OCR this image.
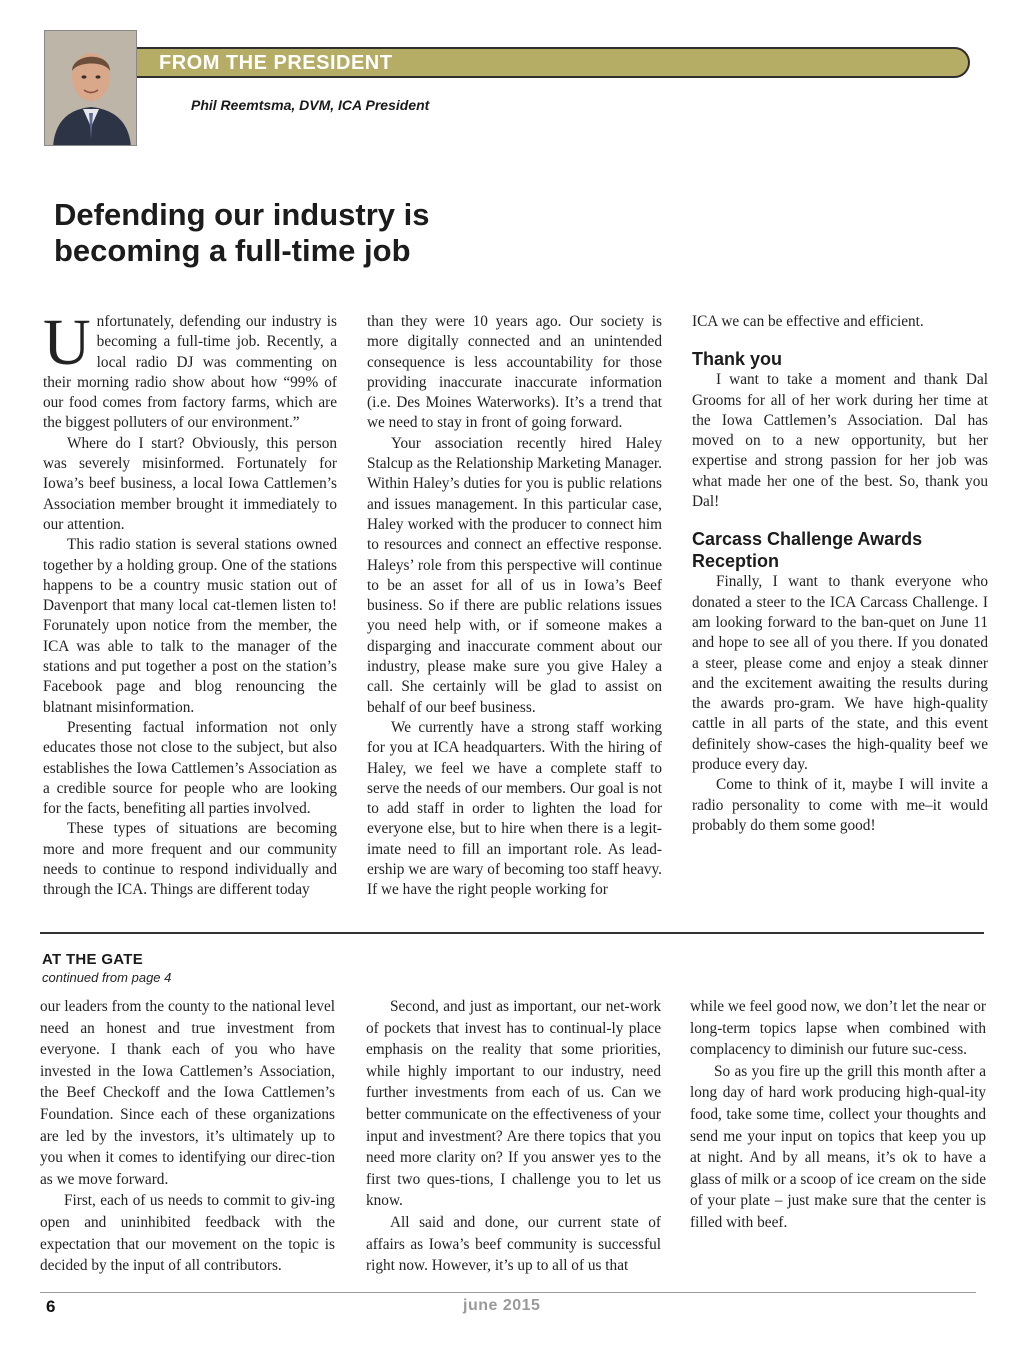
FROM THE PRESIDENT
Phil Reemtsma, DVM, ICA President
Defending our industry is becoming a full-time job

Unfortunately, defending our industry is becoming a full-time job. Recently, a local radio DJ was commenting on their morning radio show about how “99% of our food comes from factory farms, which are the biggest polluters of our environment.”

Where do I start? Obviously, this person was severely misinformed. Fortunately for Iowa’s beef business, a local Iowa Cattlemen’s Association member brought it immediately to our attention.

This radio station is several stations owned together by a holding group. One of the stations happens to be a country music station out of Davenport that many local cat-tlemen listen to! Forunately upon notice from the member, the ICA was able to talk to the manager of the stations and put together a post on the station’s Facebook page and blog renouncing the blatnant misinformation.

Presenting factual information not only educates those not close to the subject, but also establishes the Iowa Cattlemen’s Association as a credible source for people who are looking for the facts, benefiting all parties involved.

These types of situations are becoming more and more frequent and our community needs to continue to respond individually and through the ICA. Things are different today

than they were 10 years ago. Our society is more digitally connected and an unintended consequence is less accountability for those providing inaccurate inaccurate information (i.e. Des Moines Waterworks). It’s a trend that we need to stay in front of going forward.

Your association recently hired Haley Stalcup as the Relationship Marketing Manager. Within Haley’s duties for you is public relations and issues management. In this particular case, Haley worked with the producer to connect him to resources and connect an effective response. Haleys’ role from this perspective will continue to be an asset for all of us in Iowa’s Beef business. So if there are public relations issues you need help with, or if someone makes a disparging and inaccurate comment about our industry, please make sure you give Haley a call. She certainly will be glad to assist on behalf of our beef business.

We currently have a strong staff working for you at ICA headquarters. With the hiring of Haley, we feel we have a complete staff to serve the needs of our members. Our goal is not to add staff in order to lighten the load for everyone else, but to hire when there is a legit-imate need to fill an important role. As lead-ership we are wary of becoming too staff heavy. If we have the right people working for

ICA we can be effective and efficient.

Thank you

I want to take a moment and thank Dal Grooms for all of her work during her time at the Iowa Cattlemen’s Association. Dal has moved on to a new opportunity, but her expertise and strong passion for her job was what made her one of the best. So, thank you Dal!

Carcass Challenge Awards Reception

Finally, I want to thank everyone who donated a steer to the ICA Carcass Challenge. I am looking forward to the ban-quet on June 11 and hope to see all of you there. If you donated a steer, please come and enjoy a steak dinner and the excitement awaiting the results during the awards pro-gram. We have high-quality cattle in all parts of the state, and this event definitely show-cases the high-quality beef we produce every day.

Come to think of it, maybe I will invite a radio personality to come with me–it would probably do them some good!

AT THE GATE
continued from page 4

our leaders from the county to the national level need an honest and true investment from everyone. I thank each of you who have invested in the Iowa Cattlemen’s Association, the Beef Checkoff and the Iowa Cattlemen’s Foundation. Since each of these organizations are led by the investors, it’s ultimately up to you when it comes to identifying our direc-tion as we move forward.

First, each of us needs to commit to giv-ing open and uninhibited feedback with the expectation that our movement on the topic is decided by the input of all contributors.

Second, and just as important, our net-work of pockets that invest has to continual-ly place emphasis on the reality that some priorities, while highly important to our industry, need further investments from each of us. Can we better communicate on the effectiveness of your input and investment? Are there topics that you need more clarity on? If you answer yes to the first two ques-tions, I challenge you to let us know.

All said and done, our current state of affairs as Iowa’s beef community is successful right now. However, it’s up to all of us that

while we feel good now, we don’t let the near or long-term topics lapse when combined with complacency to diminish our future suc-cess.

So as you fire up the grill this month after a long day of hard work producing high-qual-ity food, take some time, collect your thoughts and send me your input on topics that keep you up at night. And by all means, it’s ok to have a glass of milk or a scoop of ice cream on the side of your plate – just make sure that the center is filled with beef.

6	june 2015
